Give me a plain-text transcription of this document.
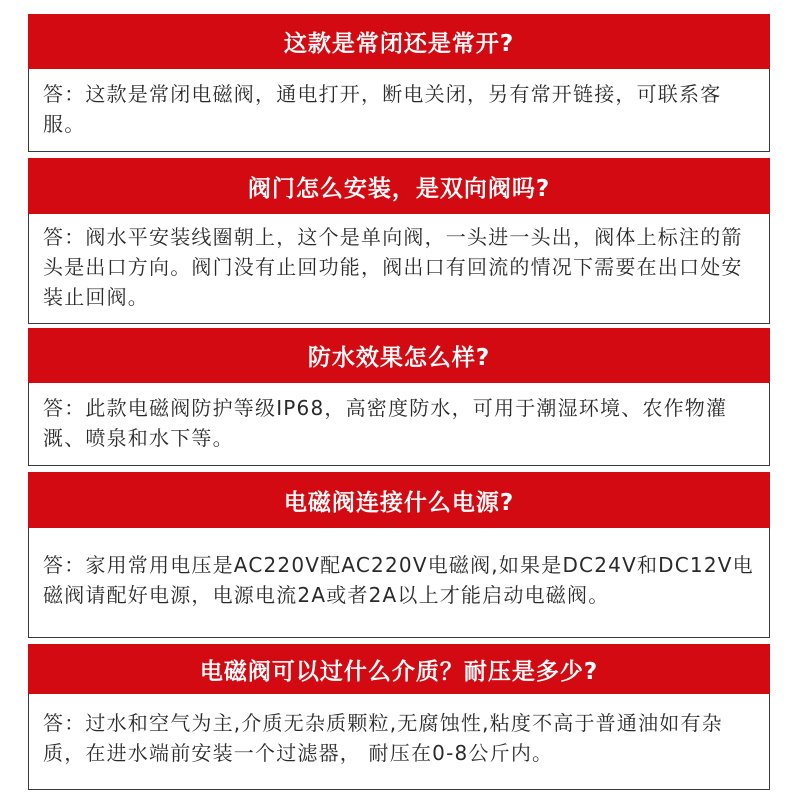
这款是常闭还是常开?

答：这款是常闭电磁阀，通电打开，断电关闭，另有常开链接，可联系客服。

阀门怎么安装，是双向阀吗?

答：阀水平安装线圈朝上，这个是单向阀，一头进一头出，阀体上标注的箭头是出口方向。阀门没有止回功能，阀出口有回流的情况下需要在出口处安装止回阀。

防水效果怎么样?

答：此款电磁阀防护等级IP68，高密度防水，可用于潮湿环境、农作物灌溉、喷泉和水下等。

电磁阀连接什么电源?

答：家用常用电压是AC220V配AC220V电磁阀,如果是DC24V和DC12V电磁阀请配好电源，电源电流2A或者2A以上才能启动电磁阀。

电磁阀可以过什么介质？耐压是多少?

答：过水和空气为主,介质无杂质颗粒,无腐蚀性,粘度不高于普通油如有杂质，在进水端前安装一个过滤器， 耐压在0-8公斤内。
